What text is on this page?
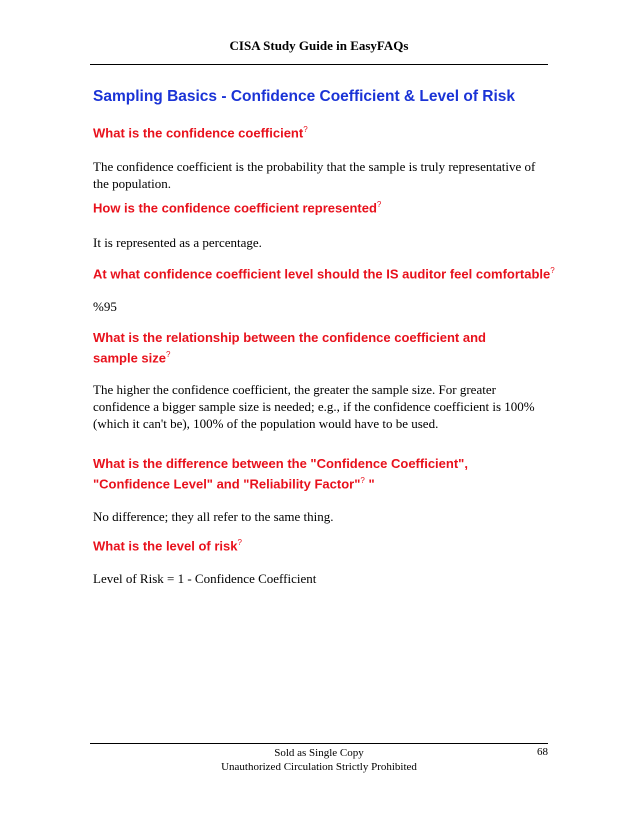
CISA Study Guide in EasyFAQs
Sampling Basics - Confidence Coefficient & Level of Risk

What is the confidence coefficient?

The confidence coefficient is the probability that the sample is truly representative of the population.

How is the confidence coefficient represented?

It is represented as a percentage.

At what confidence coefficient level should the IS auditor feel comfortable?

%95

What is the relationship between the confidence coefficient and sample size?

The higher the confidence coefficient, the greater the sample size. For greater confidence a bigger sample size is needed; e.g., if the confidence coefficient is 100% (which it can't be), 100% of the population would have to be used.

What is the difference between the "Confidence Coefficient", "Confidence Level" and "Reliability Factor"? "

No difference; they all refer to the same thing.

What is the level of risk?

Level of Risk = 1 - Confidence Coefficient

Sold as Single Copy
Unauthorized Circulation Strictly Prohibited
68
